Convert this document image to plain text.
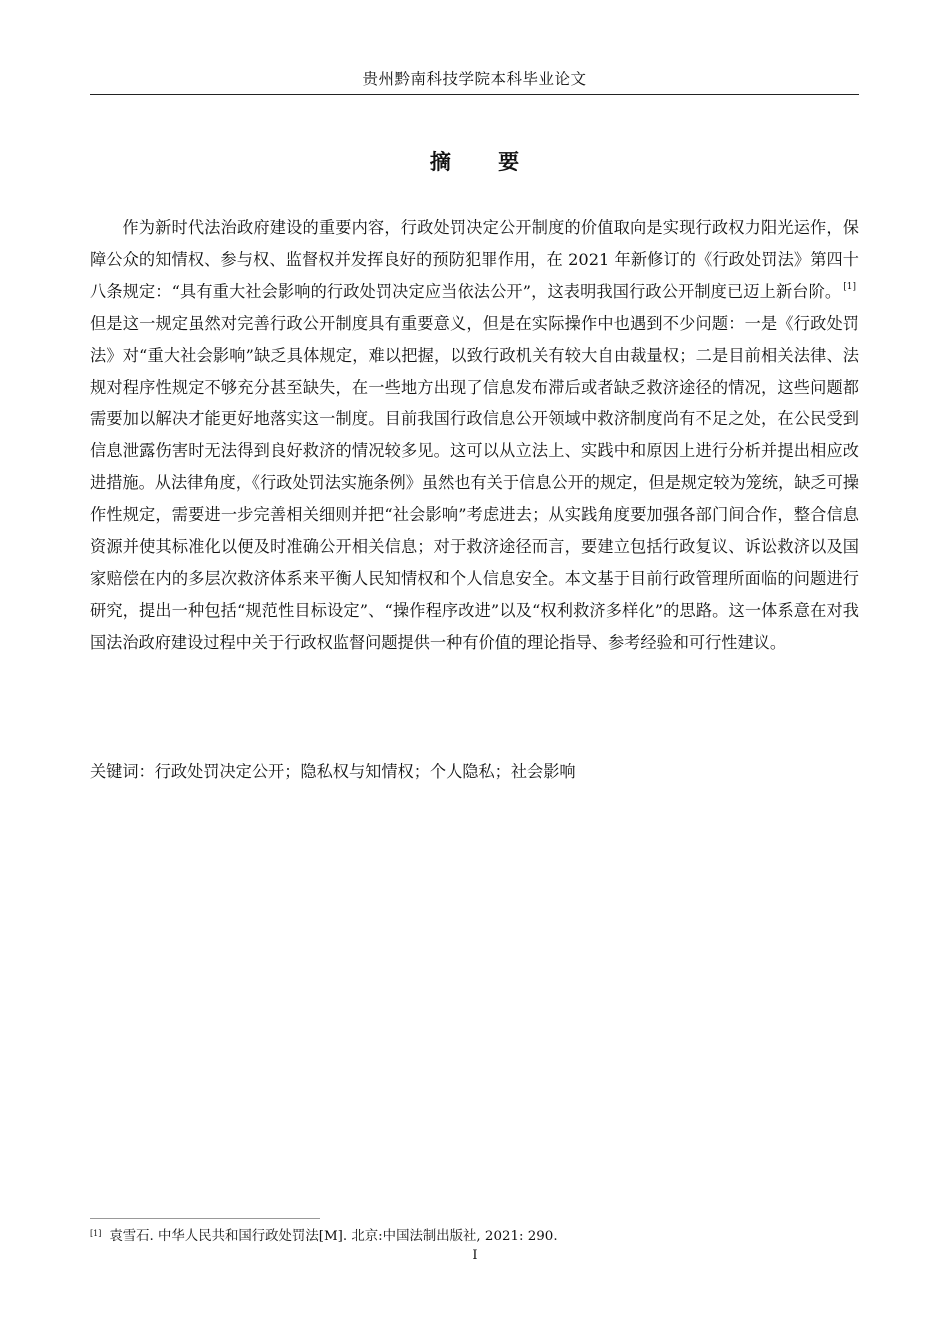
贵州黔南科技学院本科毕业论文
摘 要

作为新时代法治政府建设的重要内容，行政处罚决定公开制度的价值取向是实现行政权力阳光运作，保障公众的知情权、参与权、监督权并发挥良好的预防犯罪作用，在 2021 年新修订的《行政处罚法》第四十八条规定：“具有重大社会影响的行政处罚决定应当依法公开”，这表明我国行政公开制度已迈上新台阶。 [1]但是这一规定虽然对完善行政公开制度具有重要意义，但是在实际操作中也遇到不少问题：一是《行政处罚法》对“重大社会影响”缺乏具体规定，难以把握，以致行政机关有较大自由裁量权；二是目前相关法律、法规对程序性规定不够充分甚至缺失，在一些地方出现了信息发布滞后或者缺乏救济途径的情况，这些问题都需要加以解决才能更好地落实这一制度。目前我国行政信息公开领域中救济制度尚有不足之处，在公民受到信息泄露伤害时无法得到良好救济的情况较多见。这可以从立法上、实践中和原因上进行分析并提出相应改进措施。从法律角度，《行政处罚法实施条例》虽然也有关于信息公开的规定，但是规定较为笼统，缺乏可操作性规定，需要进一步完善相关细则并把“社会影响”考虑进去；从实践角度要加强各部门间合作，整合信息资源并使其标准化以便及时准确公开相关信息；对于救济途径而言，要建立包括行政复议、诉讼救济以及国家赔偿在内的多层次救济体系来平衡人民知情权和个人信息安全。本文基于目前行政管理所面临的问题进行研究，提出一种包括“规范性目标设定”、“操作程序改进”以及“权利救济多样化”的思路。这一体系意在对我国法治政府建设过程中关于行政权监督问题提供一种有价值的理论指导、参考经验和可行性建议。

关键词：行政处罚决定公开；隐私权与知情权；个人隐私；社会影响
[1] 袁雪石. 中华人民共和国行政处罚法[M]. 北京:中国法制出版社, 2021: 290.
I
